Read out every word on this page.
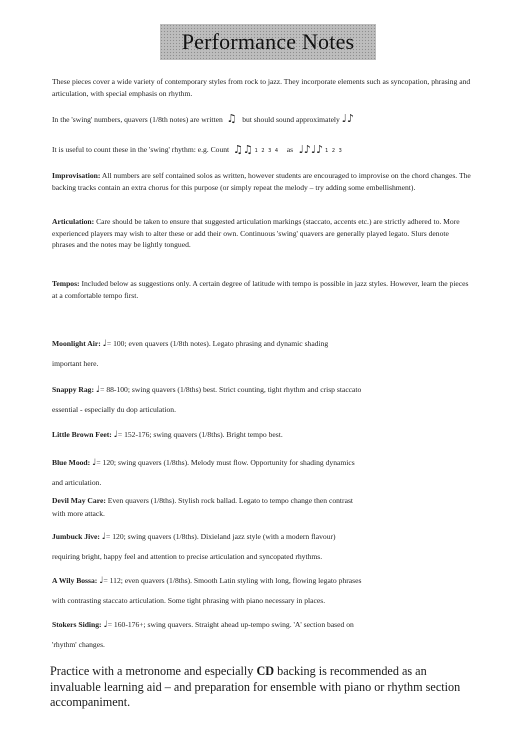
Performance Notes
These pieces cover a wide variety of contemporary styles from rock to jazz. They incorporate elements such as syncopation, phrasing and articulation, with special emphasis on rhythm.
In the 'swing' numbers, quavers (1/8th notes) are written ♫ but should sound approximately ♩♪
It is useful to count these in the 'swing' rhythm: e.g. Count ♫♫ 1 2 3 4 as ♩♪♩♪ 1 2 3
Improvisation: All numbers are self contained solos as written, however students are encouraged to improvise on the chord changes. The backing tracks contain an extra chorus for this purpose (or simply repeat the melody – try adding some embellishment).
Articulation: Care should be taken to ensure that suggested articulation markings (staccato, accents etc.) are strictly adhered to. More experienced players may wish to alter these or add their own. Continuous 'swing' quavers are generally played legato. Slurs denote phrases and the notes may be lightly tongued.
Tempos: Included below as suggestions only. A certain degree of latitude with tempo is possible in jazz styles. However, learn the pieces at a comfortable tempo first.
Moonlight Air: ♩= 100; even quavers (1/8th notes). Legato phrasing and dynamic shading
important here.
Snappy Rag: ♩= 88-100; swing quavers (1/8ths) best. Strict counting, tight rhythm and crisp staccato
essential - especially du dop articulation.
Little Brown Feet: ♩= 152-176; swing quavers (1/8ths). Bright tempo best.
Blue Mood: ♩= 120; swing quavers (1/8ths). Melody must flow. Opportunity for shading dynamics
and articulation.
Devil May Care: Even quavers (1/8ths). Stylish rock ballad. Legato to tempo change then contrast
with more attack.
Jumbuck Jive: ♩= 120; swing quavers (1/8ths). Dixieland jazz style (with a modern flavour)
requiring bright, happy feel and attention to precise articulation and syncopated rhythms.
A Wily Bossa: ♩= 112; even quavers (1/8ths). Smooth Latin styling with long, flowing legato phrases
with contrasting staccato articulation. Some tight phrasing with piano necessary in places.
Stokers Siding: ♩= 160-176+; swing quavers. Straight ahead up-tempo swing. 'A' section based on
'rhythm' changes.
Practice with a metronome and especially CD backing is recommended as an invaluable learning aid – and preparation for ensemble with piano or rhythm section accompaniment.
